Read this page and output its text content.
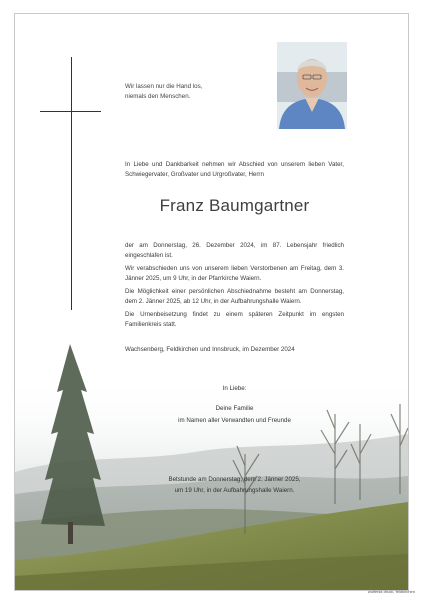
Wir lassen nur die Hand los,
niemals den Menschen.
In Liebe und Dankbarkeit nehmen wir Abschied von unserem lieben Vater, Schwiegervater, Großvater und Urgroßvater, Herrn
Franz Baumgartner
der am Donnerstag, 26. Dezember 2024, im 87. Lebensjahr friedlich eingeschlafen ist.
Wir verabschieden uns von unserem lieben Verstorbenen am Freitag, dem 3. Jänner 2025, um 9 Uhr, in der Pfarrkirche Waiern.
Die Möglichkeit einer persönlichen Abschiednahme besteht am Donnerstag, dem 2. Jänner 2025, ab 12 Uhr, in der Aufbahrungshalle Waiern.
Die Urnenbeisetzung findet zu einem späteren Zeitpunkt im engsten Familienkreis statt.
Wachsenberg, Feldkirchen und Innsbruck, im Dezember 2024
In Liebe:
Deine Familie
im Namen aller Verwandten und Freunde
Betstunde am Donnerstag, dem 2. Jänner 2025,
um 19 Uhr, in der Aufbahrungshalle Waiern.
wulfenia druck, feldkirchen
